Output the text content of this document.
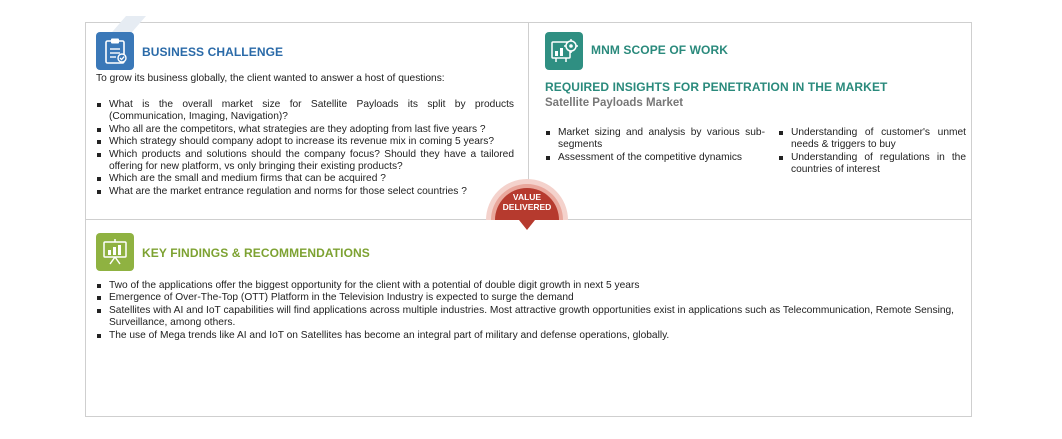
BUSINESS CHALLENGE
To grow its business globally, the client wanted to answer a host of questions:
What is the overall market size for Satellite Payloads its split by products (Communication, Imaging, Navigation)?
Who all are the competitors, what strategies are they adopting from last five years ?
Which strategy should company adopt to increase its revenue mix in coming 5 years?
Which products and solutions should the company focus? Should they have a tailored offering for new platform, vs only bringing their existing products?
Which are the small and medium firms that can be acquired ?
What are the market entrance regulation and norms for those select countries ?
MNM SCOPE OF WORK
REQUIRED INSIGHTS FOR PENETRATION IN THE MARKET
Satellite Payloads Market
Market sizing and analysis by various sub-segments
Assessment of the competitive dynamics
Understanding of customer's unmet needs & triggers to buy
Understanding of regulations in the countries of interest
VALUE
DELIVERED
KEY FINDINGS & RECOMMENDATIONS
Two of the applications offer the biggest opportunity for the client with a potential of double digit growth in next 5 years
Emergence of Over-The-Top (OTT) Platform in the Television Industry is expected to surge the demand
Satellites with AI and IoT capabilities will find applications across multiple industries. Most attractive growth opportunities exist in applications such as Telecommunication, Remote Sensing, Surveillance, among others.
The use of Mega trends like AI and IoT on Satellites has become an integral part of military and defense operations, globally.
